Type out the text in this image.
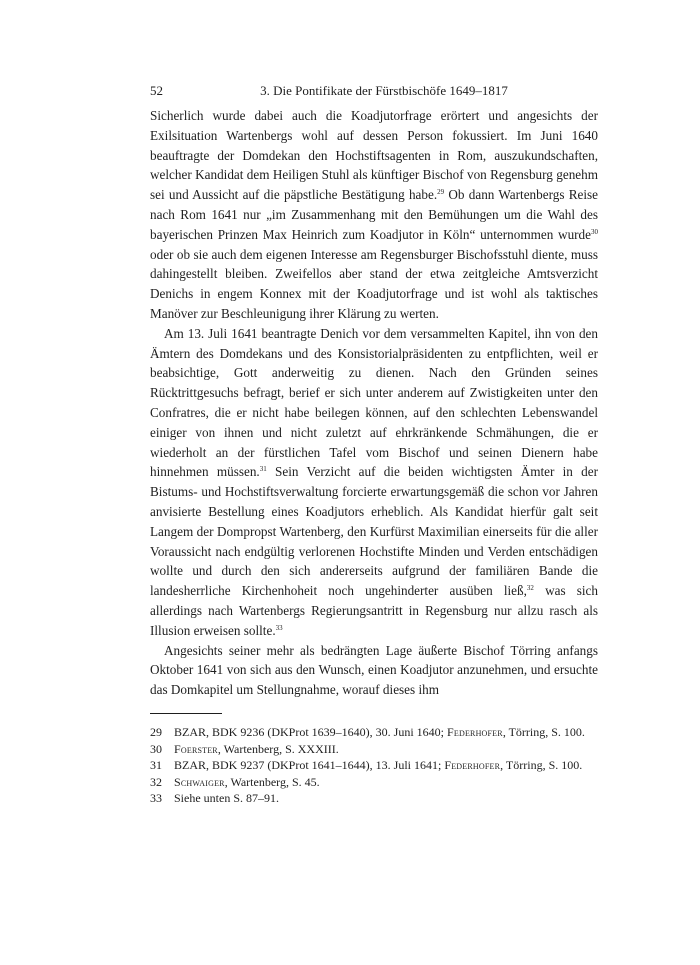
52	3. Die Pontifikate der Fürstbischöfe 1649–1817

Sicherlich wurde dabei auch die Koadjutorfrage erörtert und angesichts der Exilsituation Wartenbergs wohl auf dessen Person fokussiert. Im Juni 1640 beauftragte der Domdekan den Hochstiftsagenten in Rom, auszukundschaften, welcher Kandidat dem Heiligen Stuhl als künftiger Bischof von Regensburg genehm sei und Aussicht auf die päpstliche Bestätigung habe.$^{29}$ Ob dann Wartenbergs Reise nach Rom 1641 nur „im Zusammenhang mit den Bemühungen um die Wahl des bayerischen Prinzen Max Heinrich zum Koadjutor in Köln“ unternommen wurde$^{30}$ oder ob sie auch dem eigenen Interesse am Regensburger Bischofsstuhl diente, muss dahingestellt bleiben. Zweifellos aber stand der etwa zeitgleiche Amtsverzicht Denichs in engem Konnex mit der Koadjutorfrage und ist wohl als taktisches Manöver zur Beschleunigung ihrer Klärung zu werten.

Am 13. Juli 1641 beantragte Denich vor dem versammelten Kapitel, ihn von den Ämtern des Domdekans und des Konsistorialpräsidenten zu entpflichten, weil er beabsichtige, Gott anderweitig zu dienen. Nach den Gründen seines Rücktrittgesuchs befragt, berief er sich unter anderem auf Zwistigkeiten unter den Confratres, die er nicht habe beilegen können, auf den schlechten Lebenswandel einiger von ihnen und nicht zuletzt auf ehrkränkende Schmähungen, die er wiederholt an der fürstlichen Tafel vom Bischof und seinen Dienern habe hinnehmen müssen.$^{31}$ Sein Verzicht auf die beiden wichtigsten Ämter in der Bistums- und Hochstiftsverwaltung forcierte erwartungsgemäß die schon vor Jahren anvisierte Bestellung eines Koadjutors erheblich. Als Kandidat hierfür galt seit Langem der Dompropst Wartenberg, den Kurfürst Maximilian einerseits für die aller Voraussicht nach endgültig verlorenen Hochstifte Minden und Verden entschädigen wollte und durch den sich andererseits aufgrund der familiären Bande die landesherrliche Kirchenhoheit noch ungehinderter ausüben ließ,$^{32}$ was sich allerdings nach Wartenbergs Regierungsantritt in Regensburg nur allzu rasch als Illusion erweisen sollte.$^{33}$

Angesichts seiner mehr als bedrängten Lage äußerte Bischof Törring anfangs Oktober 1641 von sich aus den Wunsch, einen Koadjutor anzunehmen, und ersuchte das Domkapitel um Stellungnahme, worauf dieses ihm

29	BZAR, BDK 9236 (DKProt 1639–1640), 30. Juni 1640; Federhofer, Törring, S. 100.
30	Foerster, Wartenberg, S. XXXIII.
31	BZAR, BDK 9237 (DKProt 1641–1644), 13. Juli 1641; Federhofer, Törring, S. 100.
32	Schwaiger, Wartenberg, S. 45.
33	Siehe unten S. 87–91.
